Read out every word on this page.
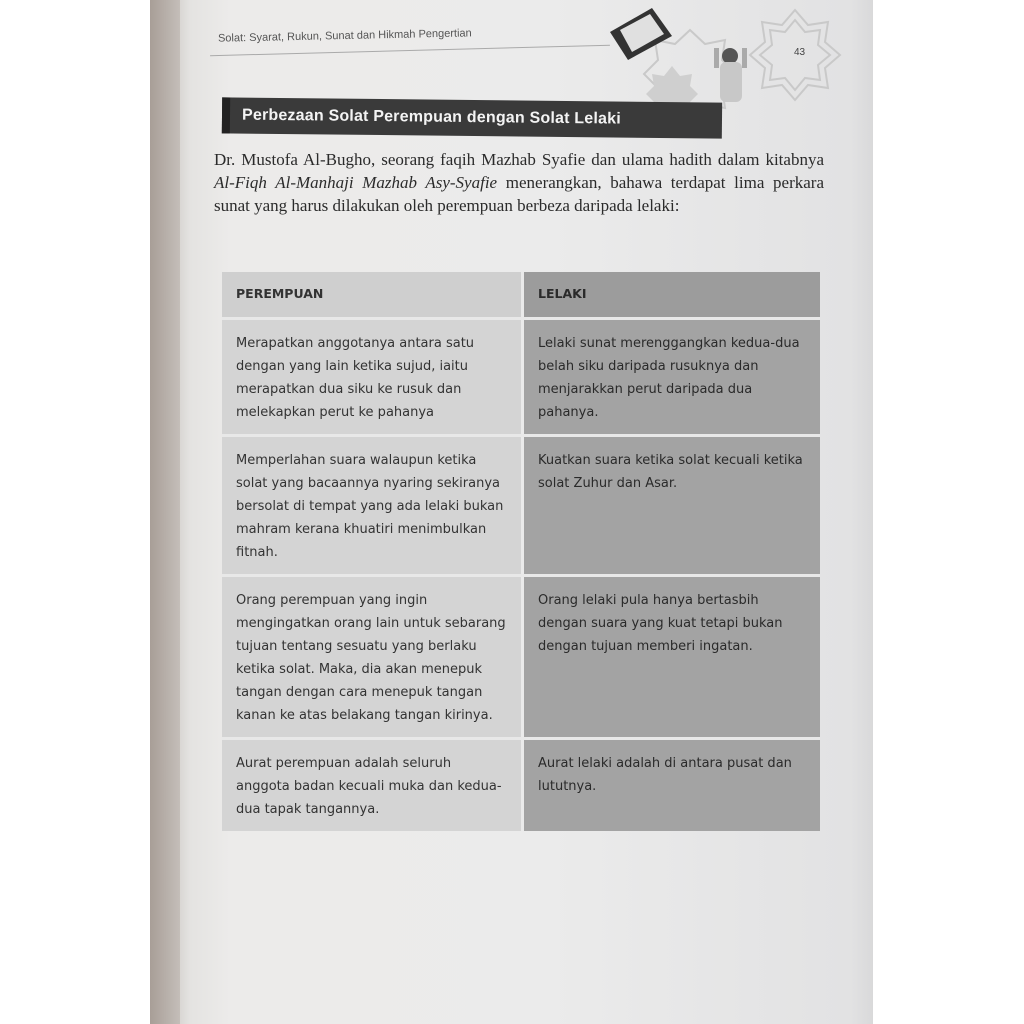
Solat: Syarat, Rukun, Sunat dan Hikmah Pengertian
43
Perbezaan Solat Perempuan dengan Solat Lelaki
Dr. Mustofa Al-Bugho, seorang faqih Mazhab Syafie dan ulama hadith dalam kitabnya Al-Fiqh Al-Manhaji Mazhab Asy-Syafie menerangkan, bahawa terdapat lima perkara sunat yang harus dilakukan oleh perempuan berbeza daripada lelaki:
PEREMPUAN	LELAKI
Merapatkan anggotanya antara satu dengan yang lain ketika sujud, iaitu merapatkan dua siku ke rusuk dan melekapkan perut ke pahanya
Lelaki sunat merenggangkan kedua-dua belah siku daripada rusuknya dan menjarakkan perut daripada dua pahanya.
Memperlahan suara walaupun ketika solat yang bacaannya nyaring sekiranya bersolat di tempat yang ada lelaki bukan mahram kerana khuatiri menimbulkan fitnah.
Kuatkan suara ketika solat kecuali ketika solat Zuhur dan Asar.
Orang perempuan yang ingin mengingatkan orang lain untuk sebarang tujuan tentang sesuatu yang berlaku ketika solat. Maka, dia akan menepuk tangan dengan cara menepuk tangan kanan ke atas belakang tangan kirinya.
Orang lelaki pula hanya bertasbih dengan suara yang kuat tetapi bukan dengan tujuan memberi ingatan.
Aurat perempuan adalah seluruh anggota badan kecuali muka dan kedua-dua tapak tangannya.
Aurat lelaki adalah di antara pusat dan lututnya.
